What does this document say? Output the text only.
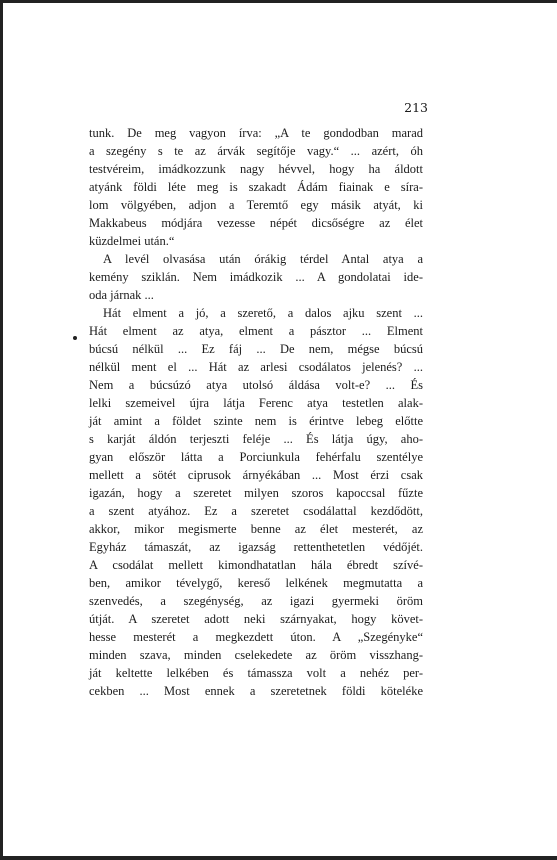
213
tunk. De meg vagyon írva: „A te gondodban marad
a szegény s te az árvák segítője vagy.“ ... azért, óh
testvéreim, imádkozzunk nagy hévvel, hogy ha áldott
atyánk földi léte meg is szakadt Ádám fiainak e síra-
lom völgyében, adjon a Teremtő egy másik atyát, ki
Makkabeus módjára vezesse népét dicsőségre az élet
küzdelmei után.“
A levél olvasása után órákig térdel Antal atya a
kemény sziklán. Nem imádkozik ... A gondolatai ide-
oda járnak ...
Hát elment a jó, a szerető, a dalos ajku szent ...
Hát elment az atya, elment a pásztor ... Elment
búcsú nélkül ... Ez fáj ... De nem, mégse búcsú
nélkül ment el ... Hát az arlesi csodálatos jelenés? ...
Nem a búcsúzó atya utolsó áldása volt-e? ... És
lelki szemeivel újra látja Ferenc atya testetlen alak-
ját amint a földet szinte nem is érintve lebeg előtte
s karját áldón terjeszti feléje ... És látja úgy, aho-
gyan először látta a Porciunkula fehérfalu szentélye
mellett a sötét ciprusok árnyékában ... Most érzi csak
igazán, hogy a szeretet milyen szoros kapoccsal fűzte
a szent atyához. Ez a szeretet csodálattal kezdődött,
akkor, mikor megismerte benne az élet mesterét, az
Egyház támaszát, az igazság rettenthetetlen védőjét.
A csodálat mellett kimondhatatlan hála ébredt szívé-
ben, amikor tévelygő, kereső lelkének megmutatta a
szenvedés, a szegénység, az igazi gyermeki öröm
útját. A szeretet adott neki szárnyakat, hogy követ-
hesse mesterét a megkezdett úton. A „Szegényke“
minden szava, minden cselekedete az öröm visszhang-
ját keltette lelkében és támassza volt a nehéz per-
cekben ... Most ennek a szeretetnek földi köteléke
